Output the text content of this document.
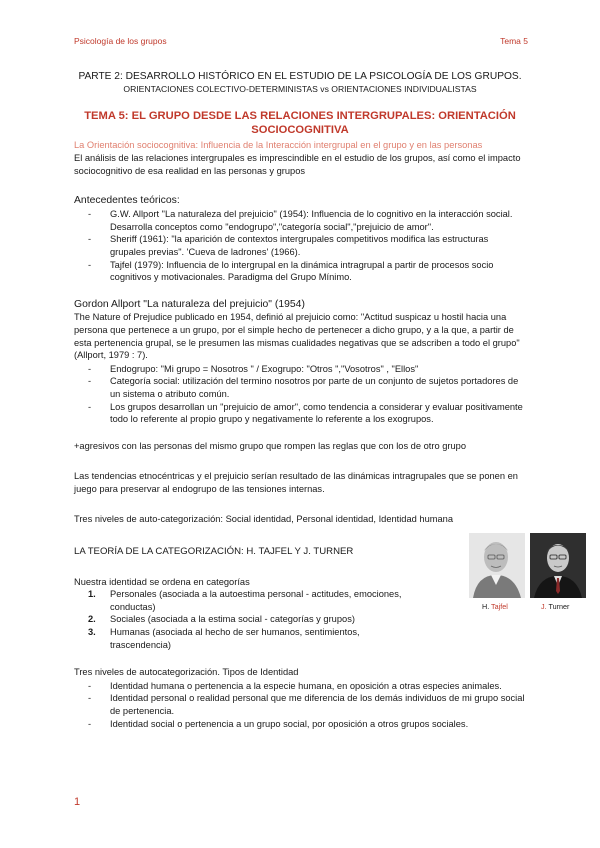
Psicología de los grupos	Tema 5

PARTE 2: DESARROLLO HISTÓRICO EN EL ESTUDIO DE LA PSICOLOGÍA DE LOS GRUPOS.

ORIENTACIONES COLECTIVO-DETERMINISTAS vs ORIENTACIONES INDIVIDUALISTAS

TEMA 5: EL GRUPO DESDE LAS RELACIONES INTERGRUPALES: ORIENTACIÓN SOCIOCOGNITIVA

La Orientación sociocognitiva: Influencia de la Interacción intergrupal en el grupo y en las personas

El análisis de las relaciones intergrupales es imprescindible en el estudio de los grupos, así como el impacto sociocognitivo de esa realidad en las personas y grupos

Antecedentes teóricos:

- G.W. Allport "La naturaleza del prejuicio" (1954): Influencia de lo cognitivo en la interacción social. Desarrolla conceptos como "endogrupo","categoría social","prejuicio de amor".
- Sheriff (1961): "la aparición de contextos intergrupales competitivos modifica las estructuras grupales previas". 'Cueva de ladrones' (1966).
- Tajfel (1979): Influencia de lo intergrupal en la dinámica intragrupal a partir de procesos socio cognitivos y motivacionales. Paradigma del Grupo Mínimo.

Gordon Allport "La naturaleza del prejuicio" (1954)

The Nature of Prejudice publicado en 1954, definió al prejuicio como: "Actitud suspicaz u hostil hacia una persona que pertenece a un grupo, por el simple hecho de pertenecer a dicho grupo, y a la que, a partir de esta pertenencia grupal, se le presumen las mismas cualidades negativas que se adscriben a todo el grupo" (Allport, 1979 : 7).

- Endogrupo: "Mi grupo = Nosotros " / Exogrupo: "Otros ","Vosotros" , "Ellos"
- Categoría social: utilización del termino nosotros por parte de un conjunto de sujetos portadores de un sistema o atributo común.
- Los grupos desarrollan un "prejuicio de amor", como tendencia a considerar y evaluar positivamente todo lo referente al propio grupo y negativamente lo referente a los exogrupos.

+agresivos con las personas del mismo grupo que rompen las reglas que con los de otro grupo

Las tendencias etnocéntricas y el prejuicio serían resultado de las dinámicas intragrupales que se ponen en juego para preservar al endogrupo de las tensiones internas.

Tres niveles de auto-categorización: Social identidad, Personal identidad, Identidad humana

LA TEORÍA DE LA CATEGORIZACIÓN: H. TAJFEL Y J. TURNER

Nuestra identidad se ordena en categorías

1. Personales (asociada a la autoestima personal - actitudes, emociones, conductas)
2. Sociales (asociada a la estima social - categorías y grupos)
3. Humanas (asociada al hecho de ser humanos, sentimientos, trascendencia)

Tres niveles de autocategorización. Tipos de Identidad

- Identidad humana o pertenencia a la especie humana, en oposición a otras especies animales.
- Identidad personal o realidad personal que me diferencia de los demás individuos de mi grupo social de pertenencia.
- Identidad social o pertenencia a un grupo social, por oposición a otros grupos sociales.
H. Tajfel	J. Turner
1
